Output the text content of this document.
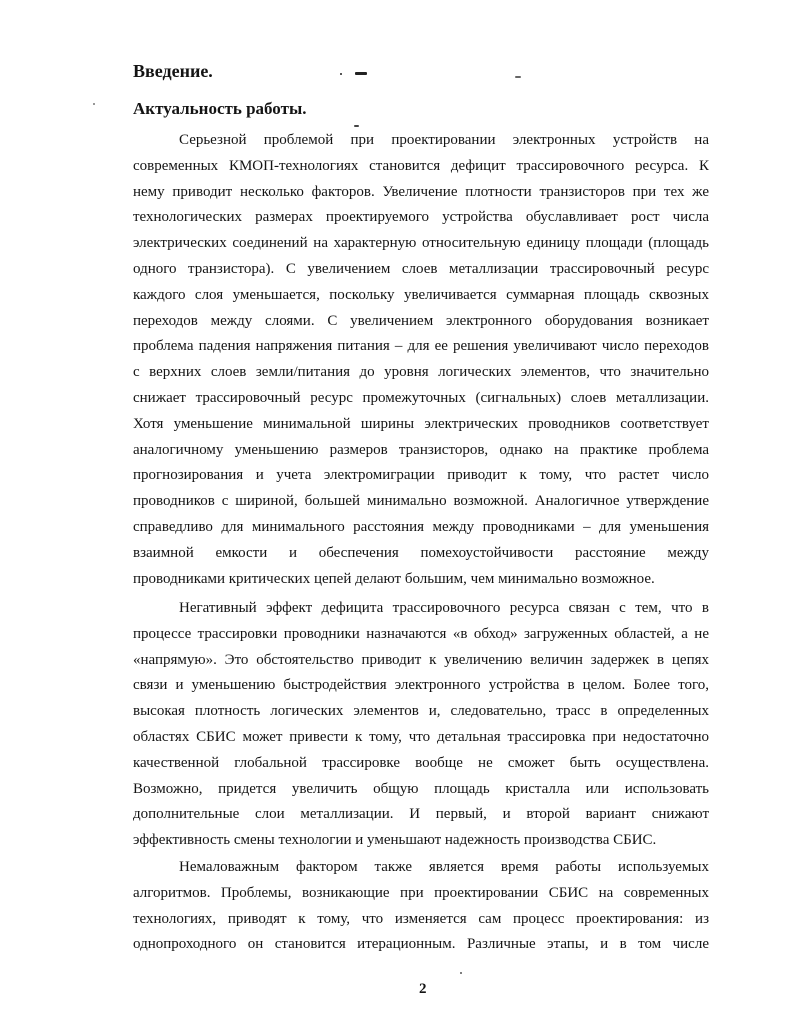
Введение.
Актуальность работы.
Серьезной проблемой при проектировании электронных устройств на
современных КМОП-технологиях становится дефицит трассировочного ресурса. К
нему приводит несколько факторов. Увеличение плотности транзисторов при тех же
технологических размерах проектируемого устройства обуславливает рост числа
электрических соединений на характерную относительную единицу площади (площадь
одного транзистора). С увеличением слоев металлизации трассировочный ресурс
каждого слоя уменьшается, поскольку увеличивается суммарная площадь сквозных
переходов между слоями. С увеличением электронного оборудования возникает
проблема падения напряжения питания – для ее решения увеличивают число переходов
с верхних слоев земли/питания до уровня логических элементов, что значительно
снижает трассировочный ресурс промежуточных (сигнальных) слоев металлизации.
Хотя уменьшение минимальной ширины электрических проводников соответствует
аналогичному уменьшению размеров транзисторов, однако на практике проблема
прогнозирования и учета электромиграции приводит к тому, что растет число
проводников с шириной, большей минимально возможной. Аналогичное утверждение
справедливо для минимального расстояния между проводниками – для уменьшения
взаимной емкости и обеспечения помехоустойчивости расстояние между
проводниками критических цепей делают большим, чем минимально возможное.
Негативный эффект дефицита трассировочного ресурса связан с тем, что в
процессе трассировки проводники назначаются «в обход» загруженных областей, а не
«напрямую». Это обстоятельство приводит к увеличению величин задержек в цепях
связи и уменьшению быстродействия электронного устройства в целом. Более того,
высокая плотность логических элементов и, следовательно, трасс в определенных
областях СБИС может привести к тому, что детальная трассировка при недостаточно
качественной глобальной трассировке вообще не сможет быть осуществлена.
Возможно, придется увеличить общую площадь кристалла или использовать
дополнительные слои металлизации. И первый, и второй вариант снижают
эффективность смены технологии и уменьшают надежность производства СБИС.
Немаловажным фактором также является время работы используемых
алгоритмов. Проблемы, возникающие при проектировании СБИС на современных
технологиях, приводят к тому, что изменяется сам процесс проектирования: из
однопроходного он становится итерационным. Различные этапы, и в том числе
2
